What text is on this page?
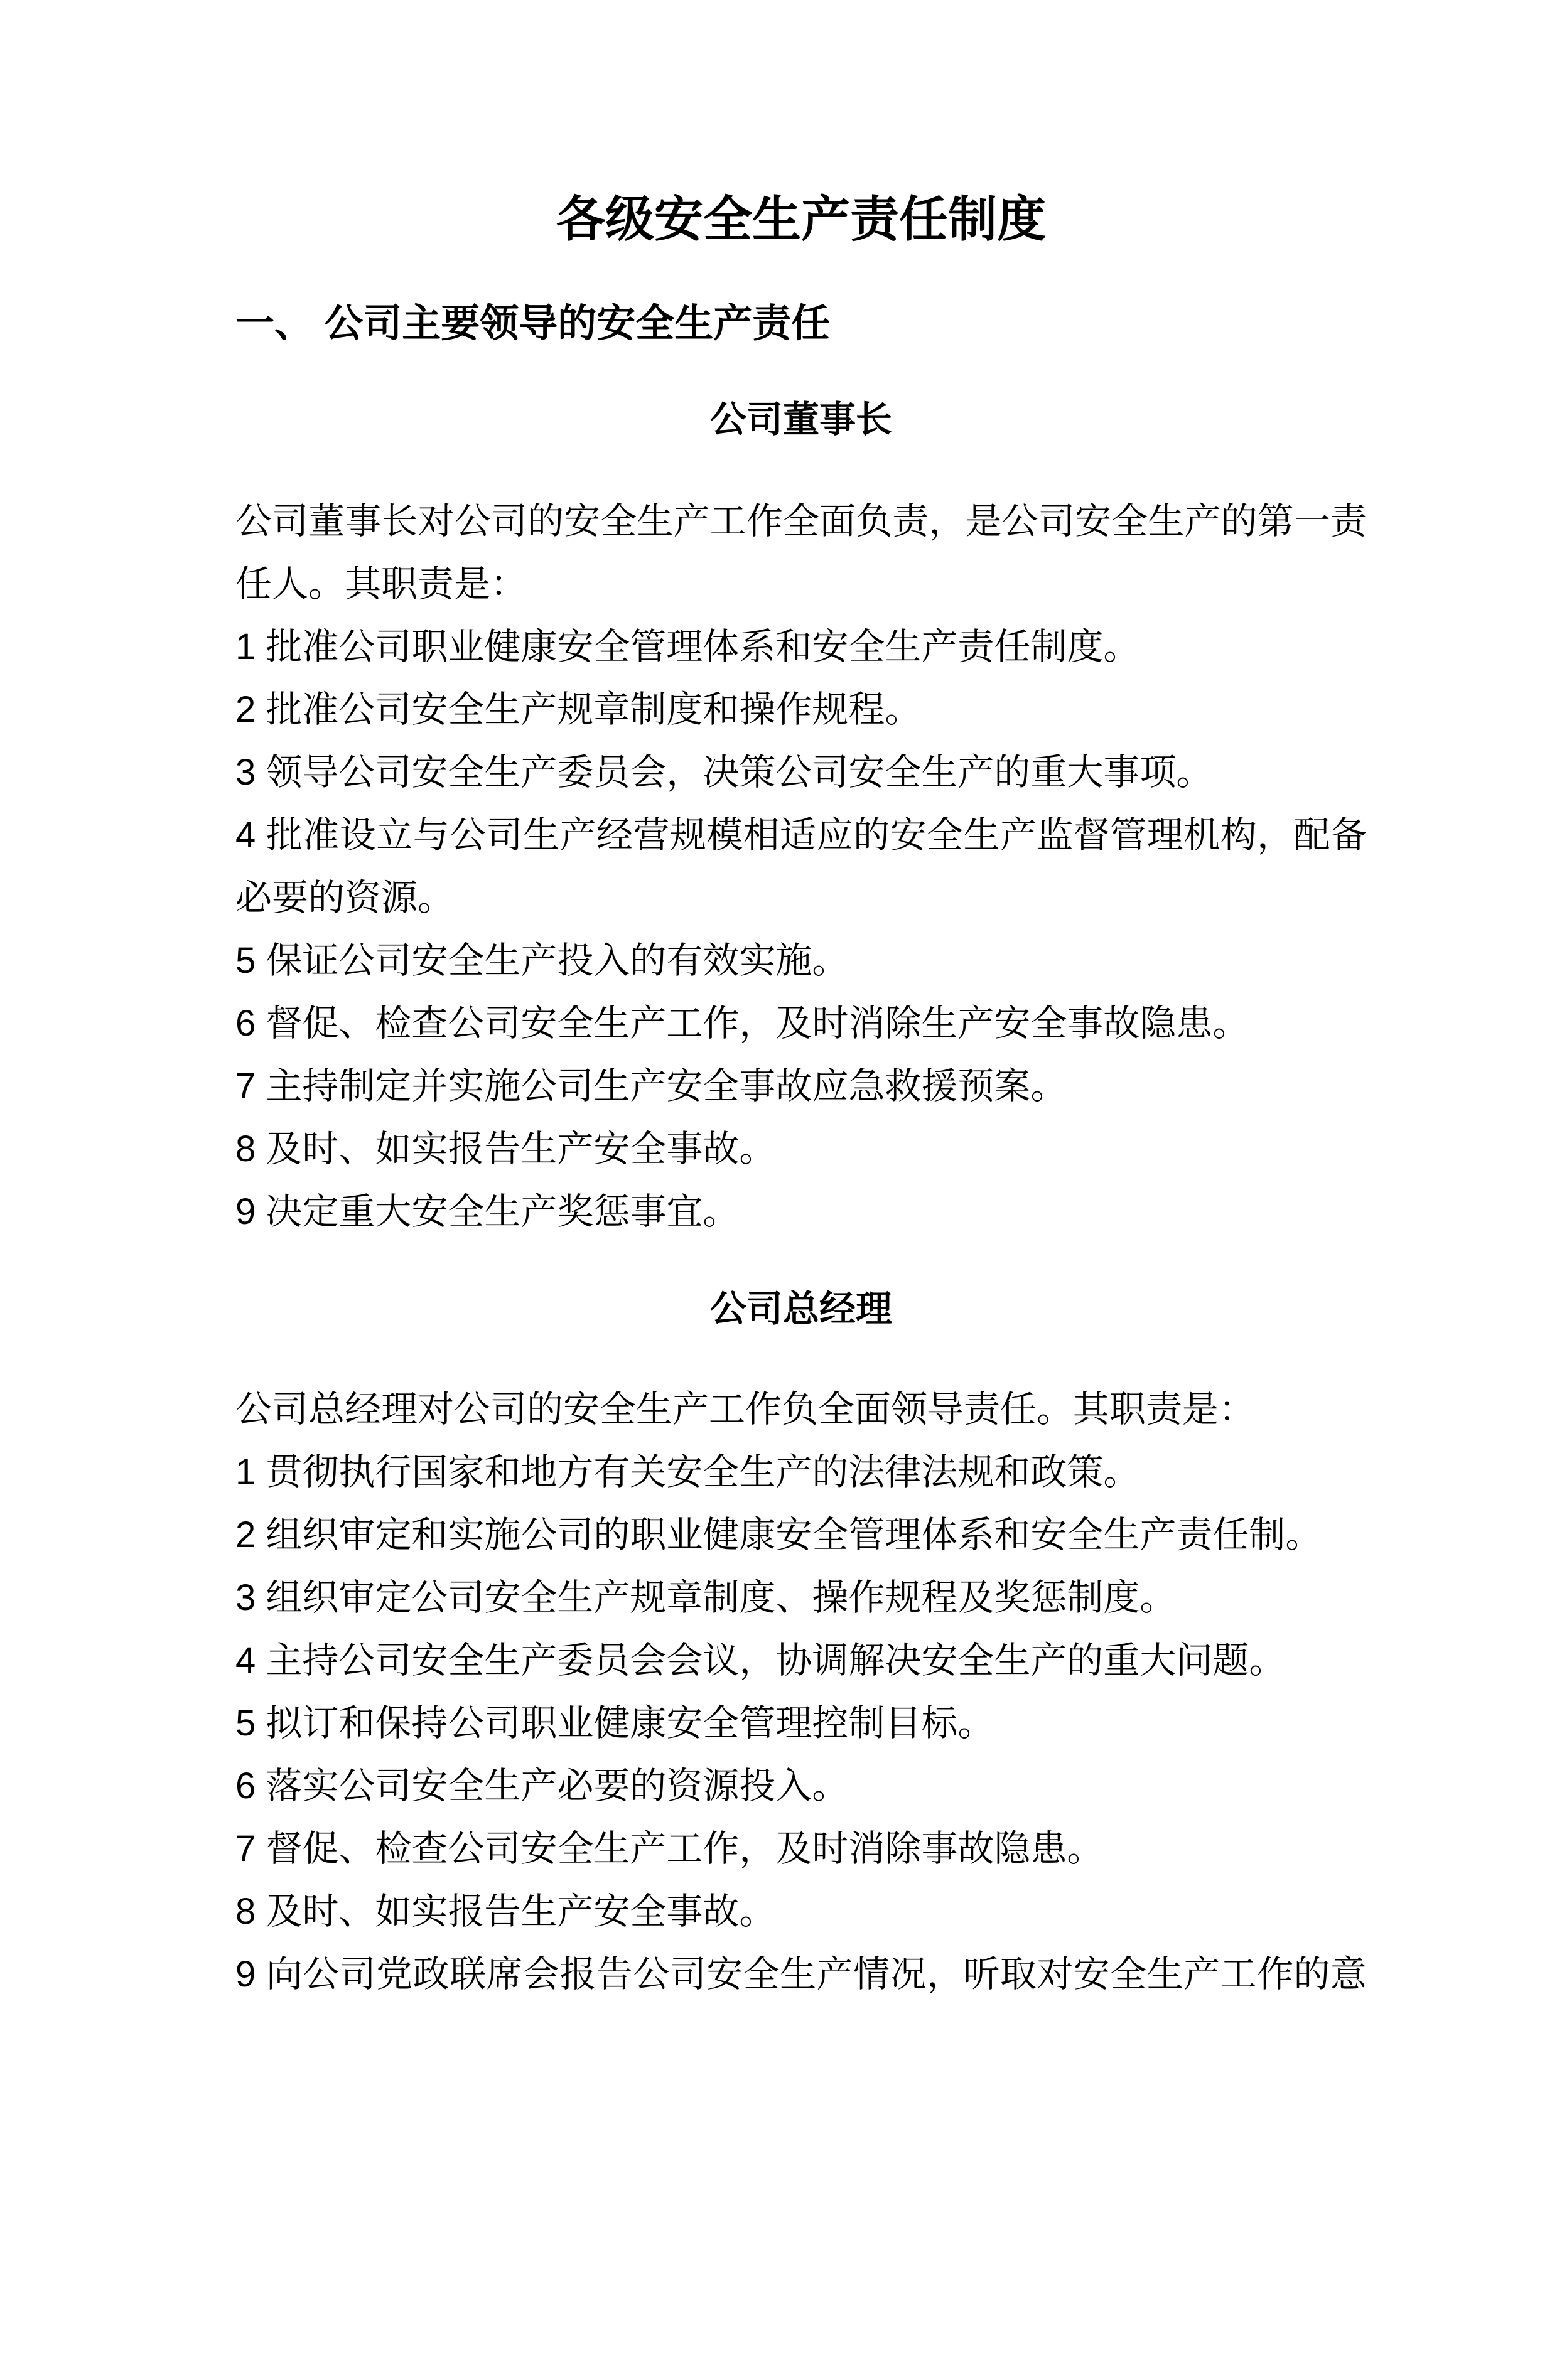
各级安全生产责任制度
一、 公司主要领导的安全生产责任
公司董事长
公司董事长对公司的安全生产工作全面负责，是公司安全生产的第一责
任人。其职责是：
1 批准公司职业健康安全管理体系和安全生产责任制度。
2 批准公司安全生产规章制度和操作规程。
3 领导公司安全生产委员会，决策公司安全生产的重大事项。
4 批准设立与公司生产经营规模相适应的安全生产监督管理机构，配备
必要的资源。
5 保证公司安全生产投入的有效实施。
6 督促、检查公司安全生产工作，及时消除生产安全事故隐患。
7 主持制定并实施公司生产安全事故应急救援预案。
8 及时、如实报告生产安全事故。
9 决定重大安全生产奖惩事宜。
公司总经理
公司总经理对公司的安全生产工作负全面领导责任。其职责是：
1 贯彻执行国家和地方有关安全生产的法律法规和政策。
2 组织审定和实施公司的职业健康安全管理体系和安全生产责任制。
3 组织审定公司安全生产规章制度、操作规程及奖惩制度。
4 主持公司安全生产委员会会议，协调解决安全生产的重大问题。
5 拟订和保持公司职业健康安全管理控制目标。
6 落实公司安全生产必要的资源投入。
7 督促、检查公司安全生产工作，及时消除事故隐患。
8 及时、如实报告生产安全事故。
9 向公司党政联席会报告公司安全生产情况，听取对安全生产工作的意
